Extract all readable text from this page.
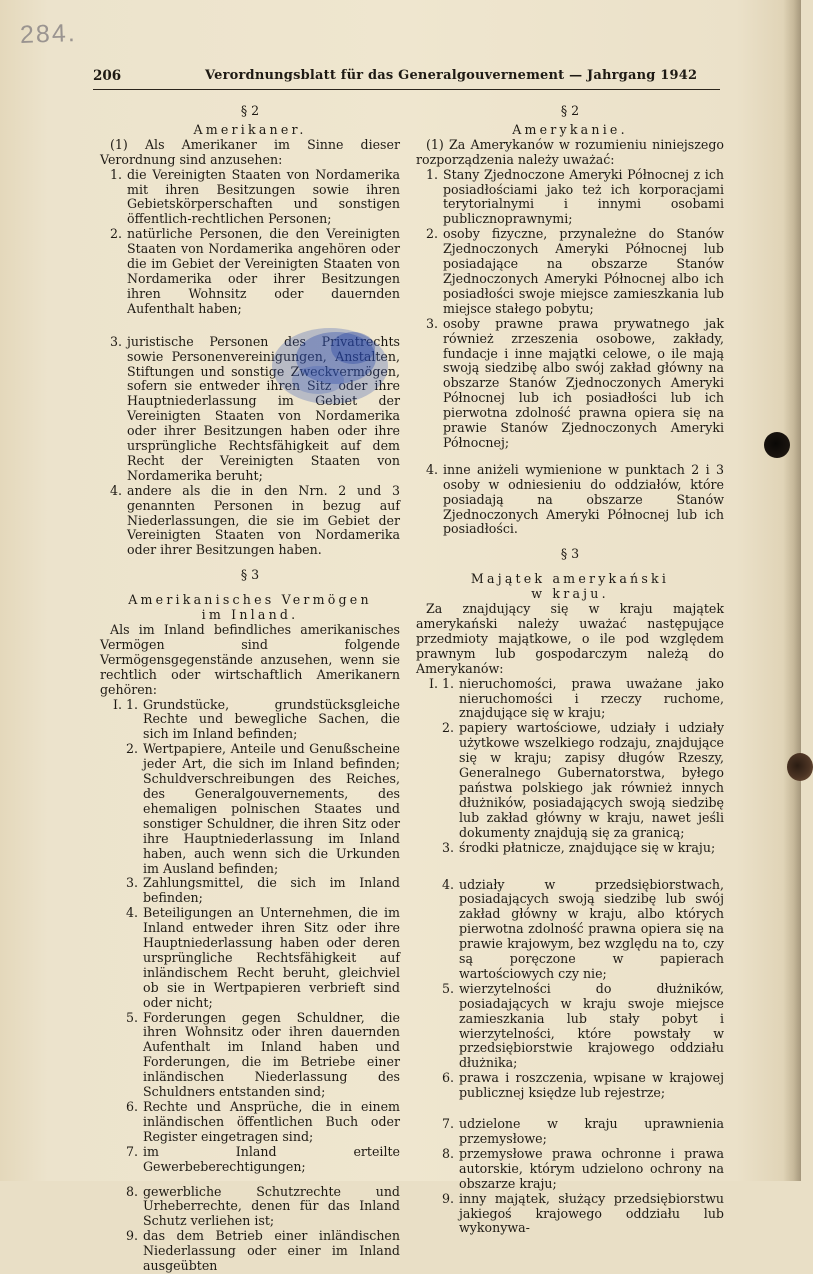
284.
206	Verordnungsblatt für das Generalgouvernement — Jahrgang 1942

§ 2

Amerikaner.

(1) Als Amerikaner im Sinne dieser Verordnung sind anzusehen:

1. die Vereinigten Staaten von Nordamerika mit ihren Besitzungen sowie ihren Gebietskörperschaften und sonstigen öffentlich-rechtlichen Personen;
2. natürliche Personen, die den Vereinigten Staaten von Nordamerika angehören oder die im Gebiet der Vereinigten Staaten von Nordamerika oder ihrer Besitzungen ihren Wohnsitz oder dauernden Aufenthalt haben;
3. juristische Personen des Privatrechts sowie Personenvereinigungen, Anstalten, Stiftungen und sonstige Zweckvermögen, sofern sie entweder ihren Sitz oder ihre Hauptniederlassung im Gebiet der Vereinigten Staaten von Nordamerika oder ihrer Besitzungen haben oder ihre ursprüngliche Rechtsfähigkeit auf dem Recht der Vereinigten Staaten von Nordamerika beruht;
4. andere als die in den Nrn. 2 und 3 genannten Personen in bezug auf Niederlassungen, die sie im Gebiet der Vereinigten Staaten von Nordamerika oder ihrer Besitzungen haben.

§ 3

Amerikanisches Vermögen

im Inland.

Als im Inland befindliches amerikanisches Vermögen sind folgende Vermögensgegenstände anzusehen, wenn sie rechtlich oder wirtschaftlich Amerikanern gehören:

I. 1. Grundstücke, grundstücksgleiche Rechte und bewegliche Sachen, die sich im Inland befinden;
2. Wertpapiere, Anteile und Genußscheine jeder Art, die sich im Inland befinden; Schuldverschreibungen des Reiches, des Generalgouvernements, des ehemaligen polnischen Staates und sonstiger Schuldner, die ihren Sitz oder ihre Hauptniederlassung im Inland haben, auch wenn sich die Urkunden im Ausland befinden;
3. Zahlungsmittel, die sich im Inland befinden;
4. Beteiligungen an Unternehmen, die im Inland entweder ihren Sitz oder ihre Hauptniederlassung haben oder deren ursprüngliche Rechtsfähigkeit auf inländischem Recht beruht, gleichviel ob sie in Wertpapieren verbrieft sind oder nicht;
5. Forderungen gegen Schuldner, die ihren Wohnsitz oder ihren dauernden Aufenthalt im Inland haben und Forderungen, die im Betriebe einer inländischen Niederlassung des Schuldners entstanden sind;
6. Rechte und Ansprüche, die in einem inländischen öffentlichen Buch oder Register eingetragen sind;
7. im Inland erteilte Gewerbeberechtigungen;
8. gewerbliche Schutzrechte und Urheberrechte, denen für das Inland Schutz verliehen ist;
9. das dem Betrieb einer inländischen Niederlassung oder einer im Inland ausgeübten

§ 2

Amerykanie.

(1) Za Amerykanów w rozumieniu niniejszego rozporządzenia należy uważać:

1. Stany Zjednoczone Ameryki Północnej z ich posiadłościami jako też ich korporacjami terytorialnymi i innymi osobami publicznoprawnymi;
2. osoby fizyczne, przynależne do Stanów Zjednoczonych Ameryki Północnej lub posiadające na obszarze Stanów Zjednoczonych Ameryki Północnej albo ich posiadłości swoje miejsce zamieszkania lub miejsce stałego pobytu;
3. osoby prawne prawa prywatnego jak również zrzeszenia osobowe, zakłady, fundacje i inne majątki celowe, o ile mają swoją siedzibę albo swój zakład główny na obszarze Stanów Zjednoczonych Ameryki Północnej lub ich posiadłości lub ich pierwotna zdolność prawna opiera się na prawie Stanów Zjednoczonych Ameryki Północnej;
4. inne aniżeli wymienione w punktach 2 i 3 osoby w odniesieniu do oddziałów, które posiadają na obszarze Stanów Zjednoczonych Ameryki Północnej lub ich posiadłości.

§ 3

Majątek amerykański

w kraju.

Za znajdujący się w kraju majątek amerykański należy uważać następujące przedmioty majątkowe, o ile pod względem prawnym lub gospodarczym należą do Amerykanów:

I. 1. nieruchomości, prawa uważane jako nieruchomości i rzeczy ruchome, znajdujące się w kraju;
2. papiery wartościowe, udziały i udziały użytkowe wszelkiego rodzaju, znajdujące się w kraju; zapisy długów Rzeszy, Generalnego Gubernatorstwa, byłego państwa polskiego jak również innych dłużników, posiadających swoją siedzibę lub zakład główny w kraju, nawet jeśli dokumenty znajdują się za granicą;
3. środki płatnicze, znajdujące się w kraju;
4. udziały w przedsiębiorstwach, posiadających swoją siedzibę lub swój zakład główny w kraju, albo których pierwotna zdolność prawna opiera się na prawie krajowym, bez względu na to, czy są poręczone w papierach wartościowych czy nie;
5. wierzytelności do dłużników, posiadających w kraju swoje miejsce zamieszkania lub stały pobyt i wierzytelności, które powstały w przedsiębiorstwie krajowego oddziału dłużnika;
6. prawa i roszczenia, wpisane w krajowej publicznej księdze lub rejestrze;
7. udzielone w kraju uprawnienia przemysłowe;
8. przemysłowe prawa ochronne i prawa autorskie, którym udzielono ochrony na obszarze kraju;
9. inny majątek, służący przedsiębiorstwu jakiegoś krajowego oddziału lub wykonywa-
